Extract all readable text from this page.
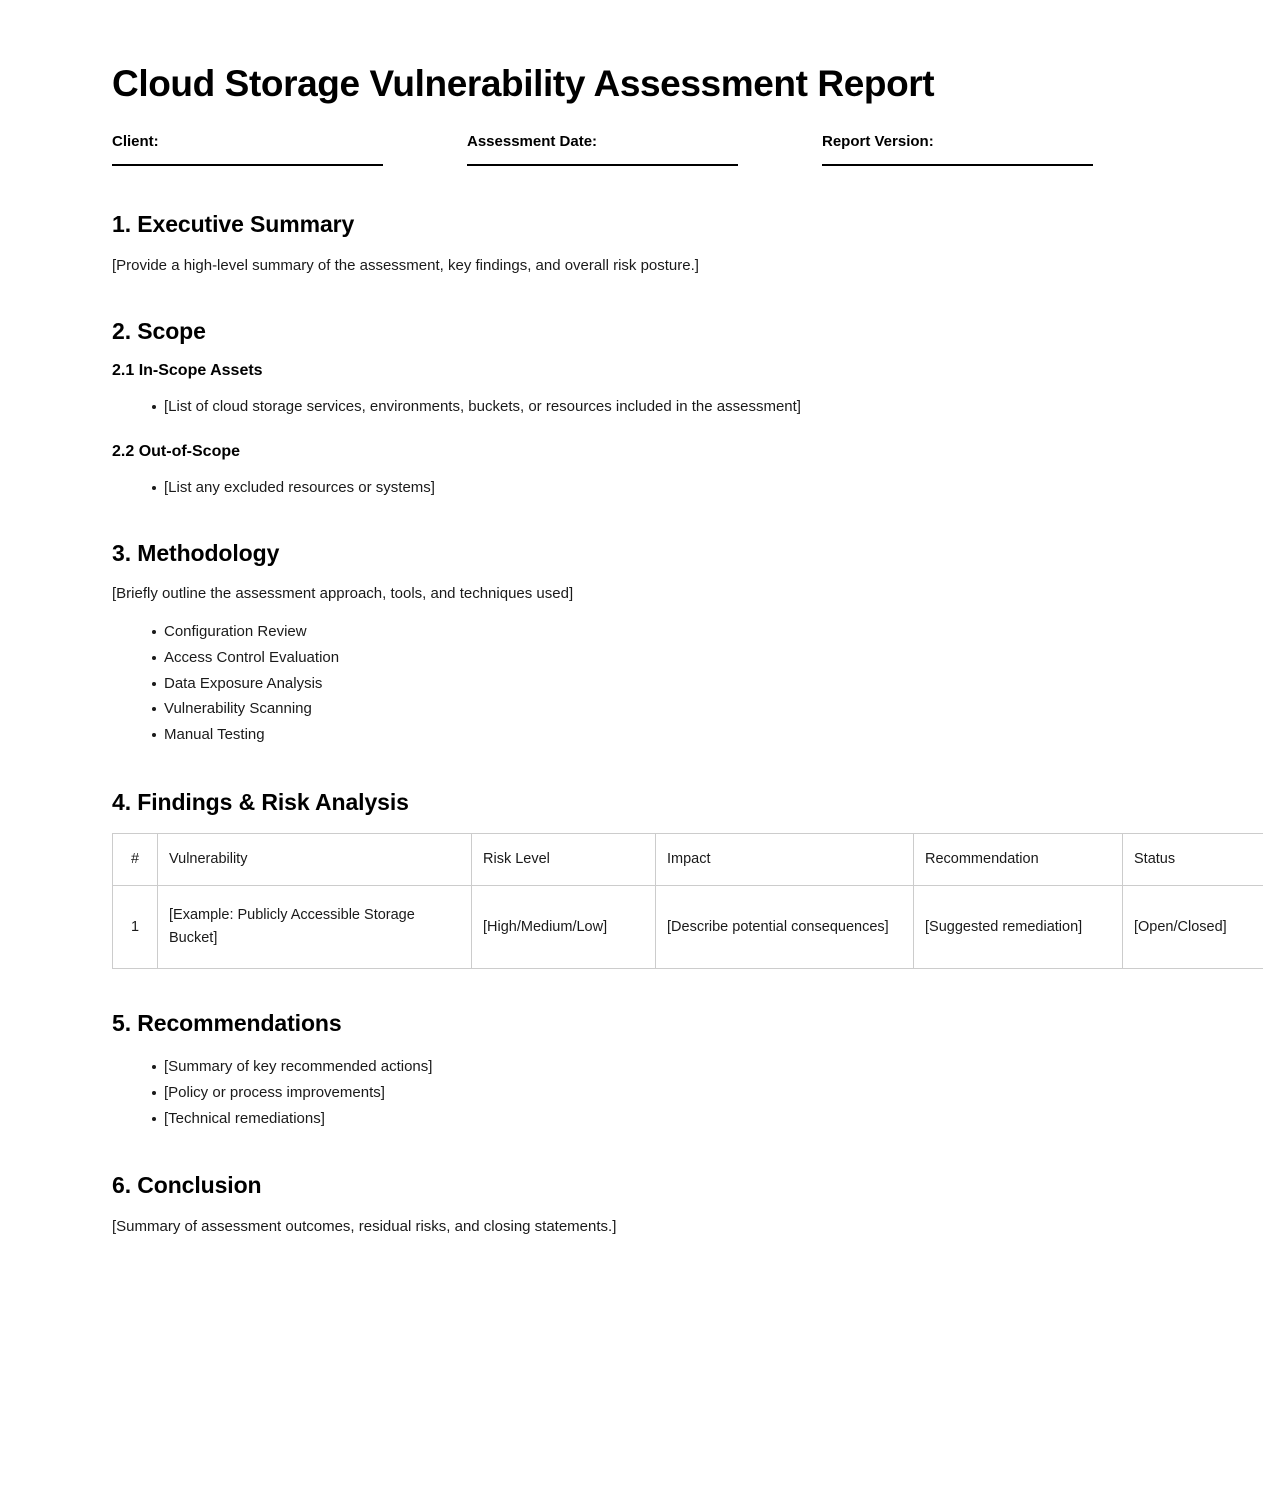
Cloud Storage Vulnerability Assessment Report
Client:	Assessment Date:	Report Version:
1. Executive Summary

[Provide a high-level summary of the assessment, key findings, and overall risk posture.]

2. Scope
2.1 In-Scope Assets
[List of cloud storage services, environments, buckets, or resources included in the assessment]
2.2 Out-of-Scope
[List any excluded resources or systems]
3. Methodology

[Briefly outline the assessment approach, tools, and techniques used]

Configuration Review
Access Control Evaluation
Data Exposure Analysis
Vulnerability Scanning
Manual Testing
4. Findings & Risk Analysis
#	Vulnerability	Risk Level	Impact	Recommendation	Status
1	[Example: Publicly Accessible Storage Bucket]	[High/Medium/Low]	[Describe potential consequences]	[Suggested remediation]	[Open/Closed]
5. Recommendations
[Summary of key recommended actions]
[Policy or process improvements]
[Technical remediations]
6. Conclusion

[Summary of assessment outcomes, residual risks, and closing statements.]
